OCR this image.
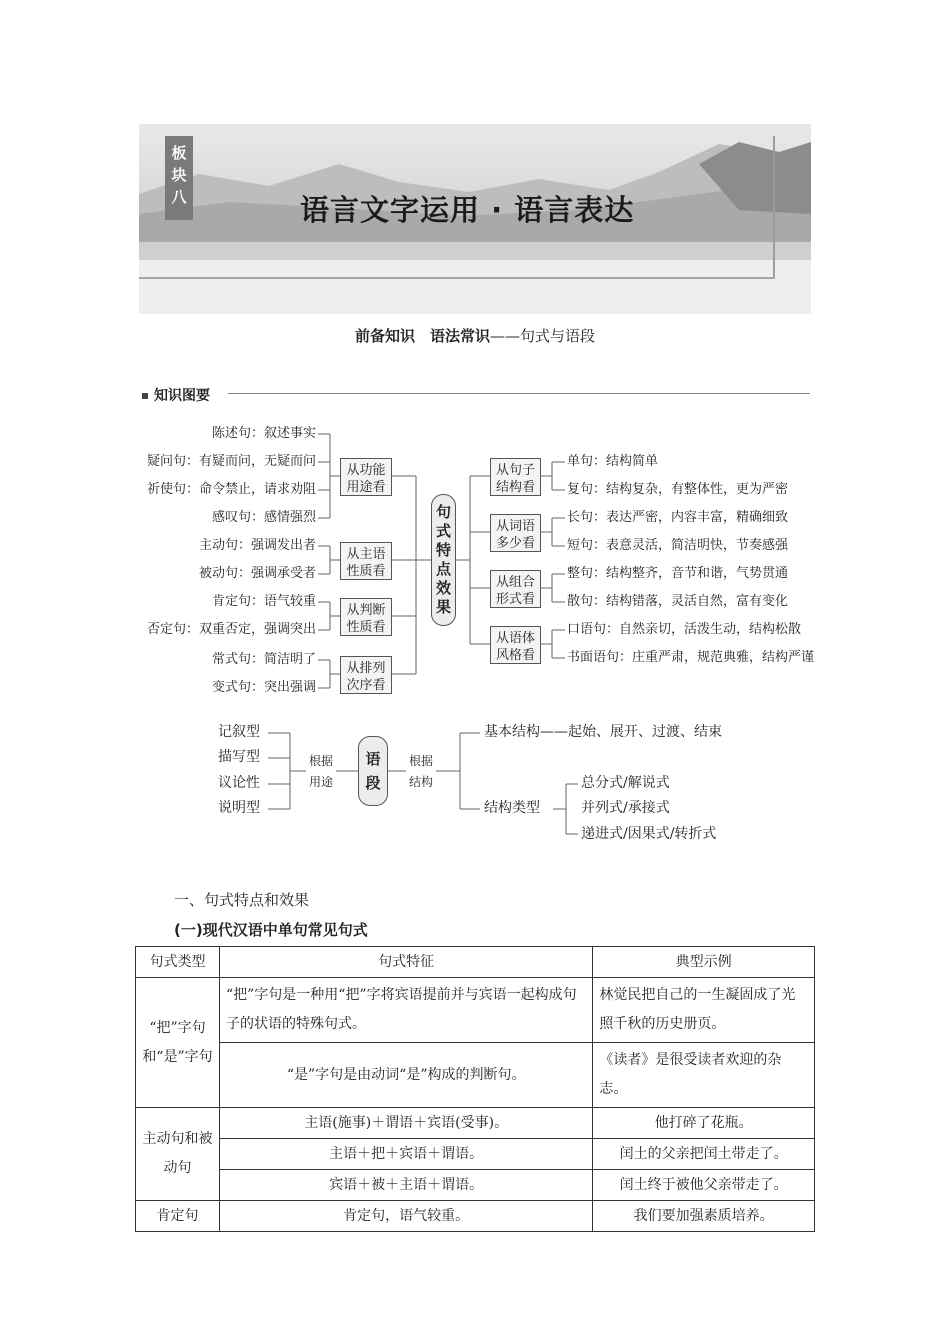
板块八	语言文字运用 · 语言表达
前备知识　语法常识——句式与语段
知识图要
陈述句：叙述事实
疑问句：有疑而问，无疑而问
祈使句：命令禁止，请求劝阻
感叹句：感情强烈
主动句：强调发出者
被动句：强调承受者
肯定句：语气较重
否定句：双重否定，强调突出
常式句：简洁明了
变式句：突出强调
从功能用途看
从主语性质看
从判断性质看
从排列次序看
句式特点效果
从句子结构看
从词语多少看
从组合形式看
从语体风格看
单句：结构简单
复句：结构复杂，有整体性，更为严密
长句：表达严密，内容丰富，精确细致
短句：表意灵活，简洁明快，节奏感强
整句：结构整齐，音节和谐，气势贯通
散句：结构错落，灵活自然，富有变化
口语句：自然亲切，活泼生动，结构松散
书面语句：庄重严肃，规范典雅，结构严谨
记叙型
描写型
议论性
说明型
根据用途
语段
根据结构
基本结构——起始、展开、过渡、结束
结构类型
总分式/解说式
并列式/承接式
递进式/因果式/转折式
一、句式特点和效果
(一)现代汉语中单句常见句式
句式类型	句式特征	典型示例
“把”字句和“是”字句	“把”字句是一种用“把”字将宾语提前并与宾语一起构成句子的状语的特殊句式。	林觉民把自己的一生凝固成了光照千秋的历史册页。
	“是”字句是由动词“是”构成的判断句。	《读者》是很受读者欢迎的杂志。
主动句和被动句	主语(施事)＋谓语＋宾语(受事)。	他打碎了花瓶。
	主语＋把＋宾语＋谓语。	闰土的父亲把闰土带走了。
	宾语＋被＋主语＋谓语。	闰土终于被他父亲带走了。
肯定句	肯定句，语气较重。	我们要加强素质培养。
